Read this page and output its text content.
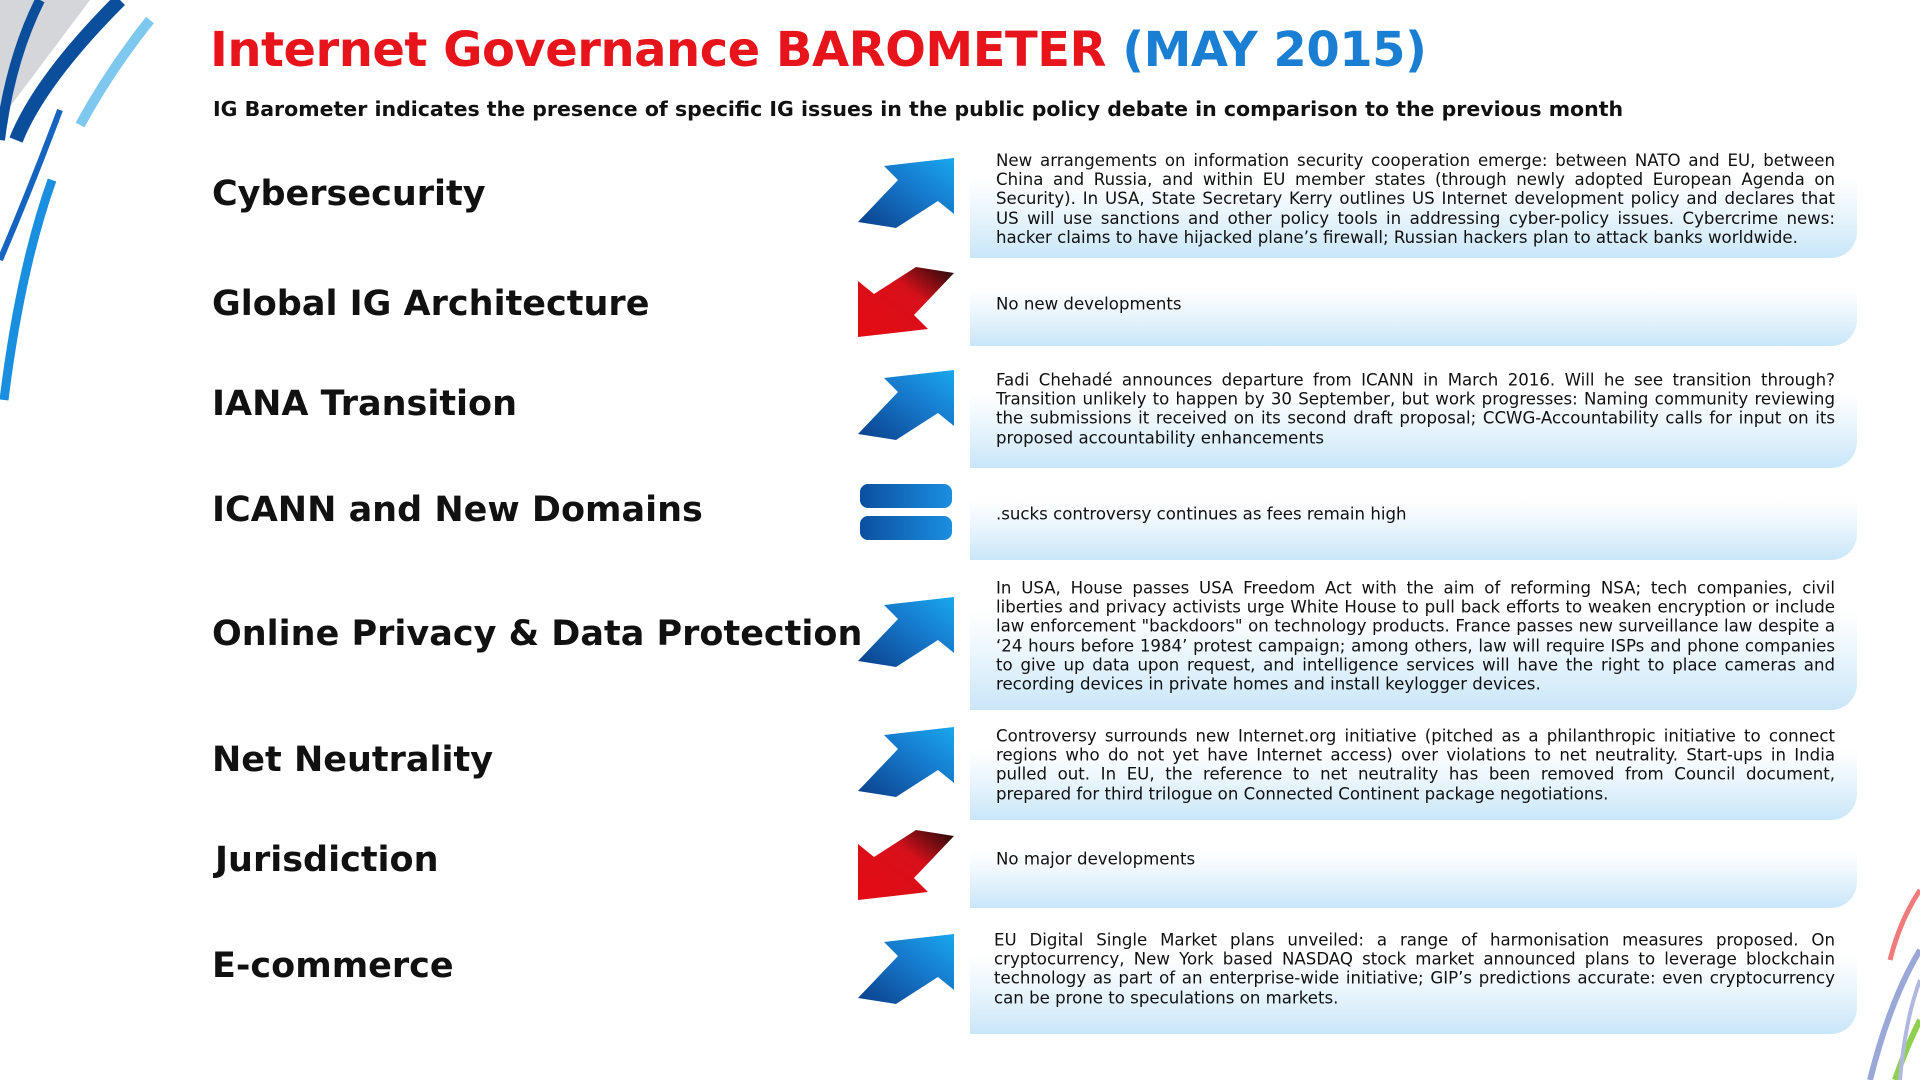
Internet Governance BAROMETER (MAY 2015)
IG Barometer indicates the presence of specific IG issues in the public policy debate in comparison to the previous month
Cybersecurity
New arrangements on information security cooperation emerge: between NATO and EU, between China and Russia, and within EU member states (through newly adopted European Agenda on Security). In USA, State Secretary Kerry outlines US Internet development policy and declares that US will use sanctions and other policy tools in addressing cyber-policy issues. Cybercrime news: hacker claims to have hijacked plane’s firewall; Russian hackers plan to attack banks worldwide.
Global IG Architecture	No new developments
IANA Transition
Fadi Chehadé announces departure from ICANN in March 2016. Will he see transition through? Transition unlikely to happen by 30 September, but work progresses: Naming community reviewing the submissions it received on its second draft proposal; CCWG-Accountability calls for input on its proposed accountability enhancements
ICANN and New Domains	.sucks controversy continues as fees remain high
Online Privacy & Data Protection
In USA, House passes USA Freedom Act with the aim of reforming NSA; tech companies, civil liberties and privacy activists urge White House to pull back efforts to weaken encryption or include law enforcement "backdoors" on technology products. France passes new surveillance law despite a ‘24 hours before 1984’ protest campaign; among others, law will require ISPs and phone companies to give up data upon request, and intelligence services will have the right to place cameras and recording devices in private homes and install keylogger devices.
Net Neutrality
Controversy surrounds new Internet.org initiative (pitched as a philanthropic initiative to connect regions who do not yet have Internet access) over violations to net neutrality. Start-ups in India pulled out. In EU, the reference to net neutrality has been removed from Council document, prepared for third trilogue on Connected Continent package negotiations.
Jurisdiction	No major developments
E-commerce
EU Digital Single Market plans unveiled: a range of harmonisation measures proposed. On cryptocurrency, New York based NASDAQ stock market announced plans to leverage blockchain technology as part of an enterprise-wide initiative; GIP’s predictions accurate: even cryptocurrency can be prone to speculations on markets.
